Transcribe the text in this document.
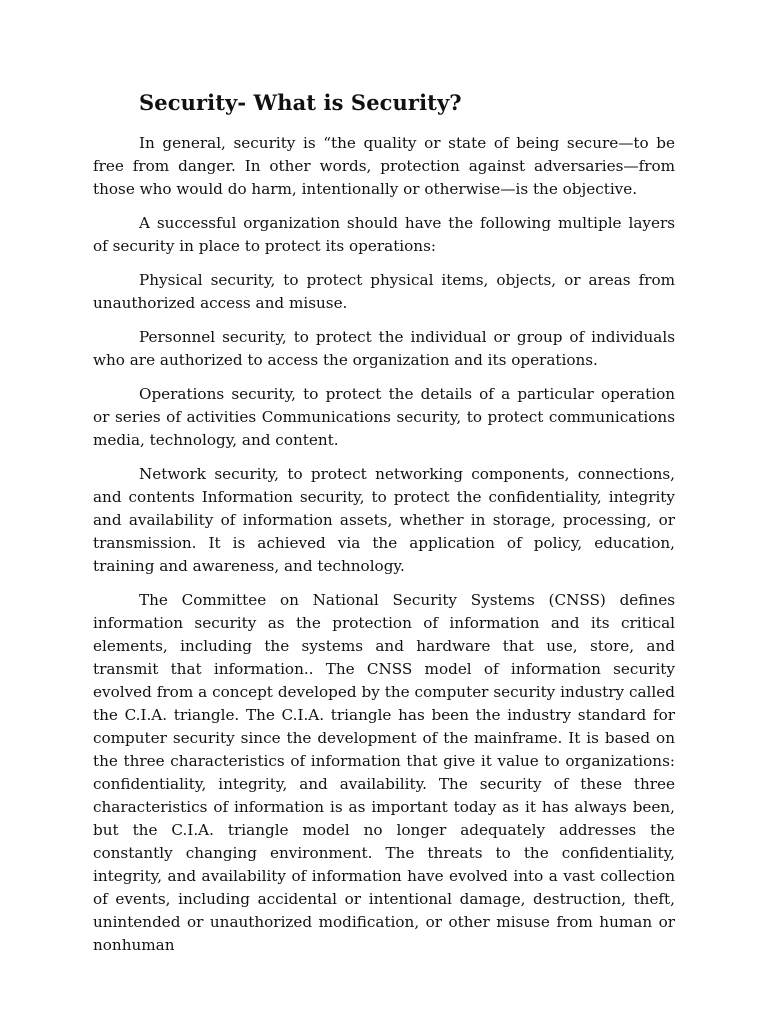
Security- What is Security?

In general, security is “the quality or state of being secure—to be free from danger. In other words, protection against adversaries—from those who would do harm, intentionally or otherwise—is the objective.

A successful organization should have the following multiple layers of security in place to protect its operations:

Physical security, to protect physical items, objects, or areas from unauthorized access and misuse.

Personnel security, to protect the individual or group of individuals who are authorized to access the organization and its operations.

Operations security, to protect the details of a particular operation or series of activities Communications security, to protect communications media, technology, and content.

Network security, to protect networking components, connections, and contents Information security, to protect the confidentiality, integrity and availability of information assets, whether in storage, processing, or transmission. It is achieved via the application of policy, education, training and awareness, and technology.

The Committee on National Security Systems (CNSS) defines information security as the protection of information and its critical elements, including the systems and hardware that use, store, and transmit that information.. The CNSS model of information security evolved from a concept developed by the computer security industry called the C.I.A. triangle. The C.I.A. triangle has been the industry standard for computer security since the development of the mainframe. It is based on the three characteristics of information that give it value to organizations: confidentiality, integrity, and availability. The security of these three characteristics of information is as important today as it has always been, but the C.I.A. triangle model no longer adequately addresses the constantly changing environment. The threats to the confidentiality, integrity, and availability of information have evolved into a vast collection of events, including accidental or intentional damage, destruction, theft, unintended or unauthorized modification, or other misuse from human or nonhuman
